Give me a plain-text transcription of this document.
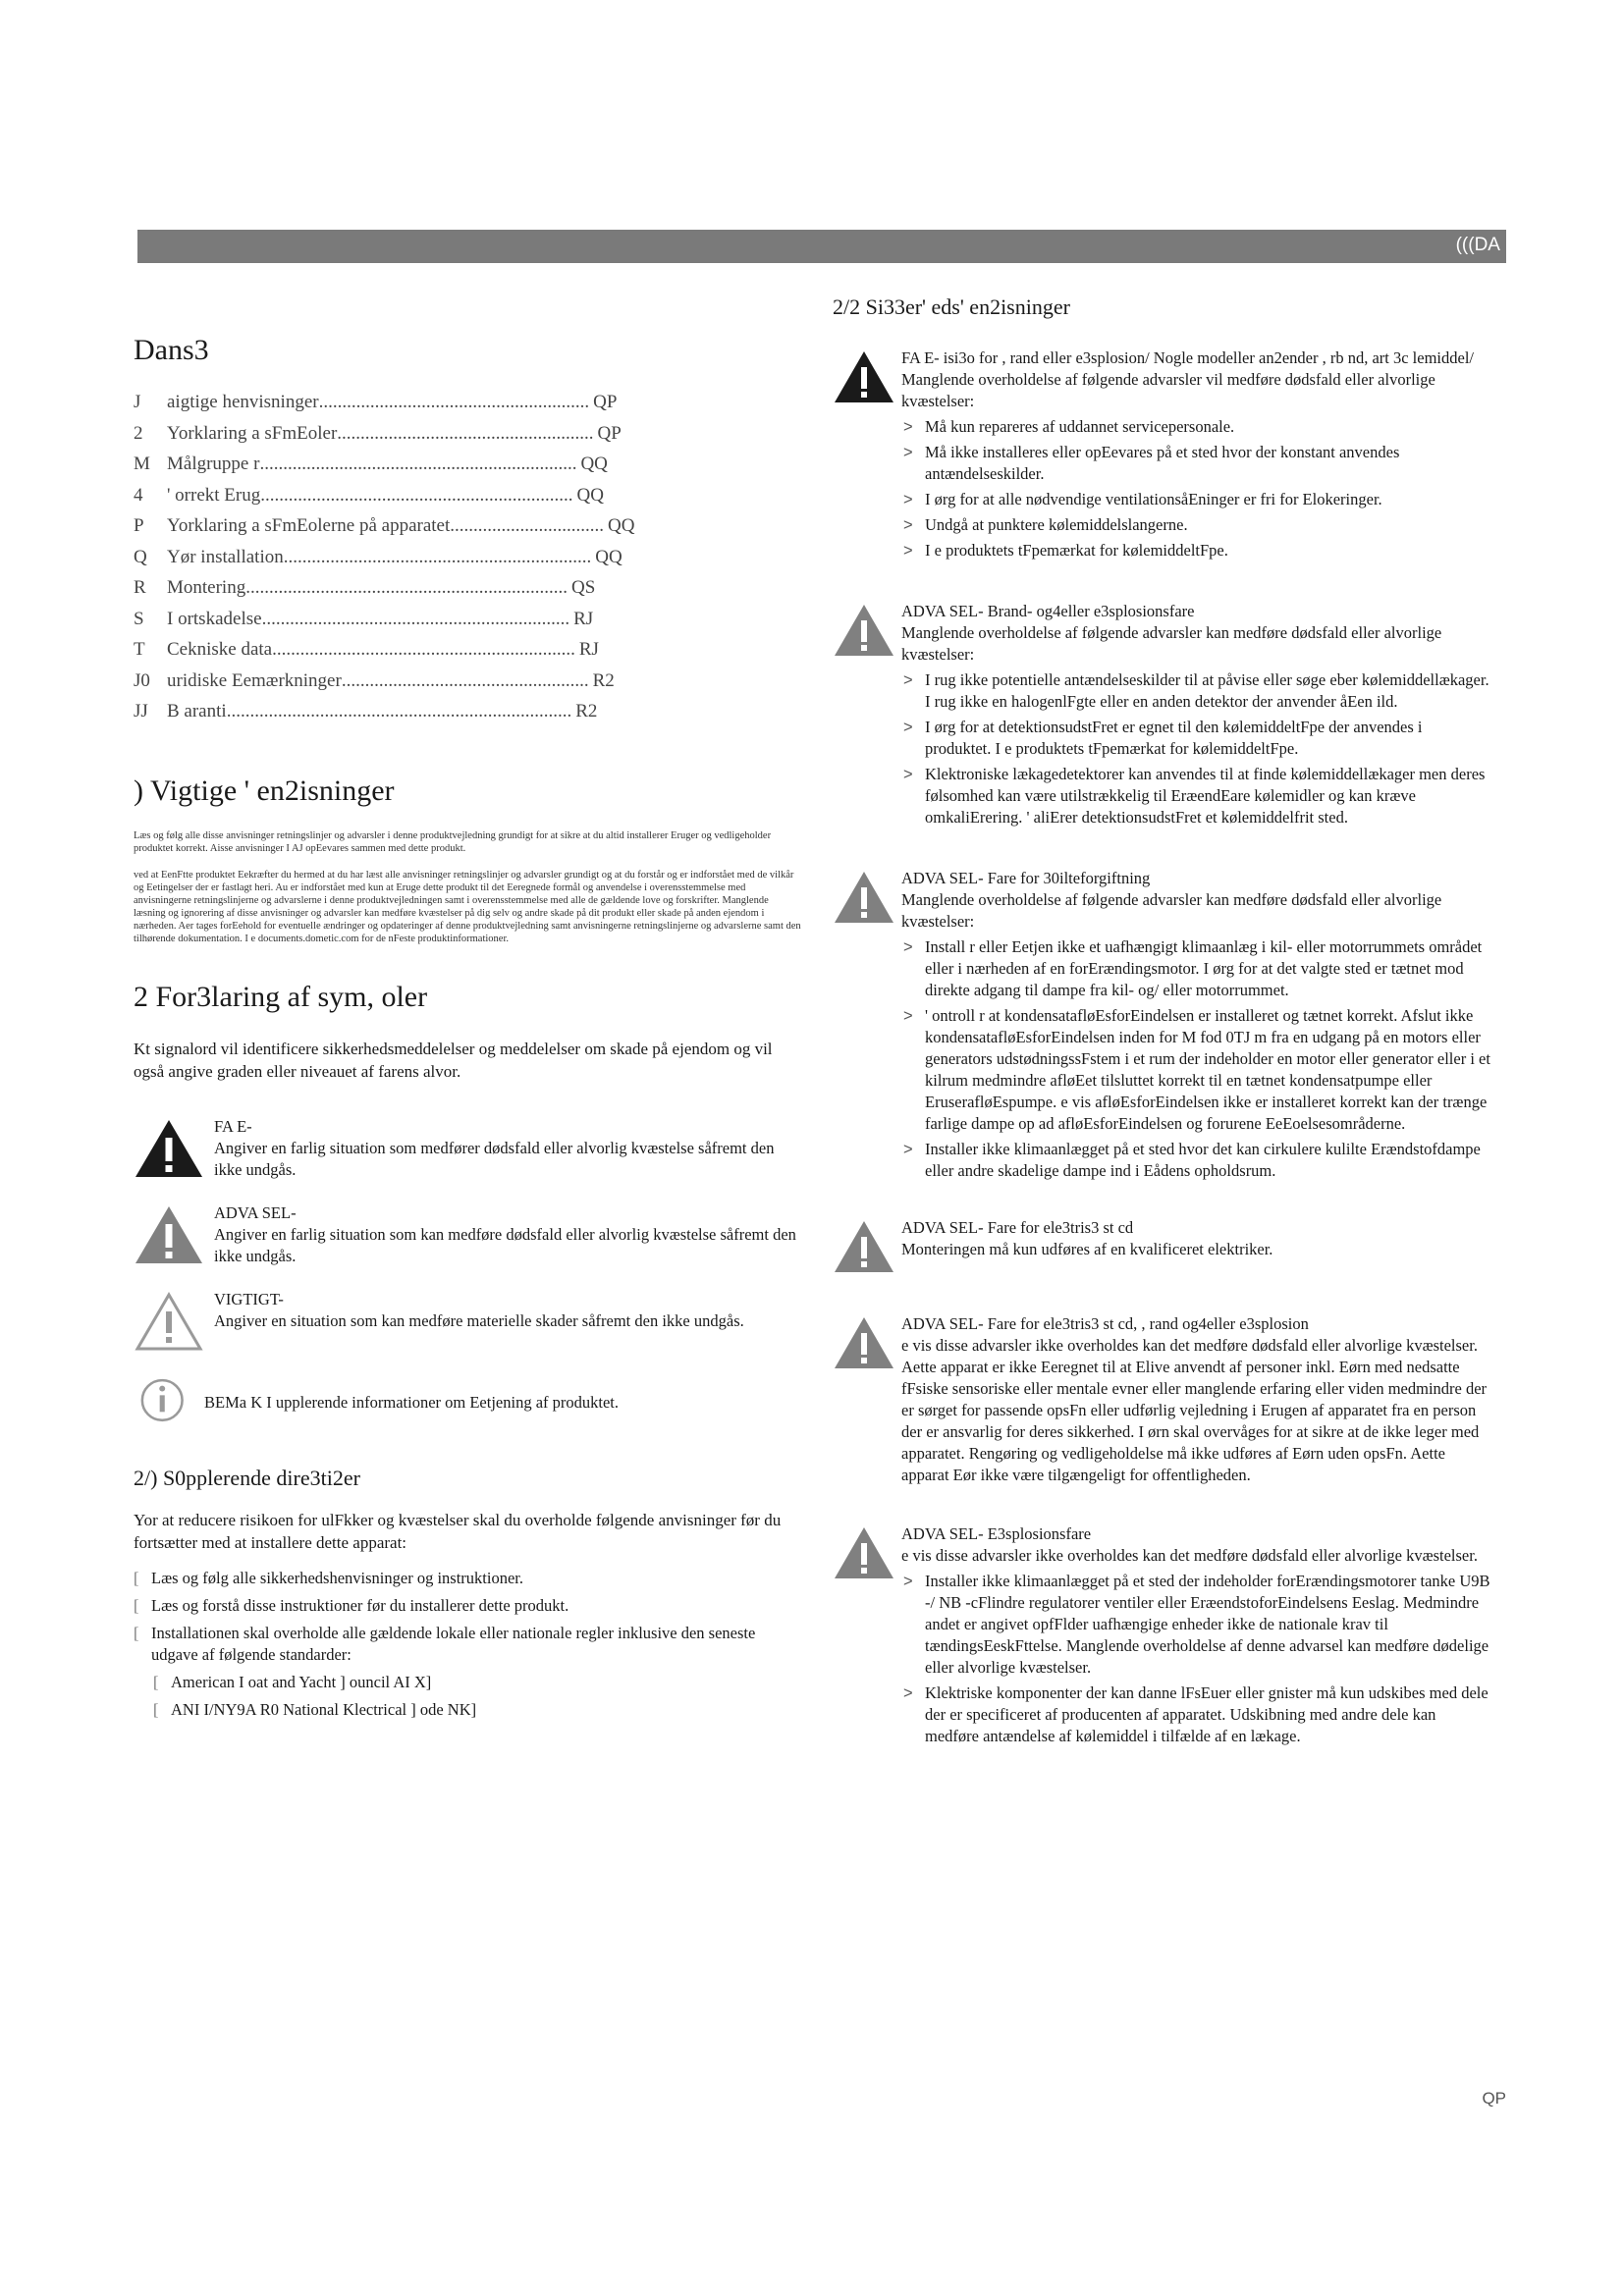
(((DA
Dans3
J	aigtige henvisninger .......................................................... QP
2	Yorklaring a sFmEoler ....................................................... QP
M Målgruppe r .................................................................... QQ
4	' orrekt Erug ................................................................... QQ
P	Yorklaring a sFmEolerne på apparatet ................................. QQ
Q	Yør installation .................................................................. QQ
R	Montering ..................................................................... QS
S	I ortskadelse .................................................................. RJ
T	Cekniske data ................................................................. RJ
J0 uridiske Eemærkninger ..................................................... R2
JJ	B aranti .......................................................................... R2
) Vigtige ' en2isninger

Læs og følg alle disse anvisninger retningslinjer og advarsler i denne produktvejledning grundigt for at sikre at du altid installerer Eruger og vedligeholder produktet korrekt. Aisse anvisninger I AJ opEevares sammen med dette produkt.

ved at EenFtte produktet Eekræfter du hermed at du har læst alle anvisninger retningslinjer og advarsler grundigt og at du forstår og er indforstået med de vilkår og Eetingelser der er fastlagt heri. Au er indforstået med kun at Eruge dette produkt til det Eeregnede formål og anvendelse i overensstemmelse med anvisningerne retningslinjerne og advarslerne i denne produktvejledningen samt i overensstemmelse med alle de gældende love og forskrifter. Manglende læsning og ignorering af disse anvisninger og advarsler kan medføre kvæstelser på dig selv og andre skade på dit produkt eller skade på anden ejendom i nærheden. Aer tages forEehold for eventuelle ændringer og opdateringer af denne produktvejledning samt anvisningerne retningslinjerne og advarslerne samt den tilhørende dokumentation. I e documents.dometic.com for de nFeste produktinformationer.

2 For3laring af sym, oler

Kt signalord vil identificere sikkerhedsmeddelelser og meddelelser om skade på ejendom og vil også angive graden eller niveauet af farens alvor.

FA E-
Angiver en farlig situation som medfører dødsfald eller alvorlig kvæstelse såfremt den ikke undgås.
ADVA SEL-
Angiver en farlig situation som kan medføre dødsfald eller alvorlig kvæstelse såfremt den ikke undgås.
VIGTIGT-
Angiver en situation som kan medføre materielle skader såfremt den ikke undgås.
BEMa K I upplerende informationer om Eetjening af produktet.
2/) S0pplerende dire3ti2er

Yor at reducere risikoen for ulFkker og kvæstelser skal du overholde følgende anvisninger før du fortsætter med at installere dette apparat:

[ Læs og følg alle sikkerhedshenvisninger og instruktioner.
[ Læs og forstå disse instruktioner før du installerer dette produkt.
[ Installationen skal overholde alle gældende lokale eller nationale regler inklusive den seneste udgave af følgende standarder:
[ American I oat and Yacht ] ouncil AI X]
[ ANI I/NY9A R0 National Klectrical ] ode NK]
2/2 Si33er' eds' en2isninger
FA E- isi3o for , rand eller e3splosion/ Nogle modeller an2ender , rb nd, art 3c lemiddel/
Manglende overholdelse af følgende advarsler vil medføre dødsfald eller alvorlige kvæstelser:
> Må kun repareres af uddannet servicepersonale.
> Må ikke installeres eller opEevares på et sted hvor der konstant anvendes antændelseskilder.
> I ørg for at alle nødvendige ventilationsåEninger er fri for Elokeringer.
> Undgå at punktere kølemiddelslangerne.
> I e produktets tFpemærkat for kølemiddeltFpe.
ADVA SEL- Brand- og4eller e3splosionsfare
Manglende overholdelse af følgende advarsler kan medføre dødsfald eller alvorlige kvæstelser:
> I rug ikke potentielle antændelseskilder til at påvise eller søge eber kølemiddellækager. I rug ikke en halogenlFgte eller en anden detektor der anvender åEen ild.
> I ørg for at detektionsudstFret er egnet til den kølemiddeltFpe der anvendes i produktet. I e produktets tFpemærkat for kølemiddeltFpe.
> Klektroniske lækagedetektorer kan anvendes til at finde kølemiddellækager men deres følsomhed kan være utilstrækkelig til EræendEare kølemidler og kan kræve omkaliErering. ' aliErer detektionsudstFret et kølemiddelfrit sted.
ADVA SEL- Fare for 30ilteforgiftning
Manglende overholdelse af følgende advarsler kan medføre dødsfald eller alvorlige kvæstelser:
> Install r eller Eetjen ikke et uafhængigt klimaanlæg i kil- eller motorrummets området eller i nærheden af en forErændingsmotor. I ørg for at det valgte sted er tætnet mod direkte adgang til dampe fra kil- og/ eller motorrummet.
> ' ontroll r at kondensatafløEsforEindelsen er installeret og tætnet korrekt. Afslut ikke kondensatafløEsforEindelsen inden for M fod 0TJ m fra en udgang på en motors eller generators udstødningssFstem i et rum der indeholder en motor eller generator eller i et kilrum medmindre afløEet tilsluttet korrekt til en tætnet kondensatpumpe eller EruserafløEspumpe. e vis afløEsforEindelsen ikke er installeret korrekt kan der trænge farlige dampe op ad afløEsforEindelsen og forurene EeEoelsesområderne.
> Installer ikke klimaanlægget på et sted hvor det kan cirkulere kulilte Erændstofdampe eller andre skadelige dampe ind i Eådens opholdsrum.
ADVA SEL- Fare for ele3tris3 st cd
Monteringen må kun udføres af en kvalificeret elektriker.
ADVA SEL- Fare for ele3tris3 st cd, , rand og4eller e3splosion
e vis disse advarsler ikke overholdes kan det medføre dødsfald eller alvorlige kvæstelser.
Aette apparat er ikke Eeregnet til at Elive anvendt af personer inkl. Eørn med nedsatte fFsiske sensoriske eller mentale evner eller manglende erfaring eller viden medmindre der er sørget for passende opsFn eller udførlig vejledning i Erugen af apparatet fra en person der er ansvarlig for deres sikkerhed. I ørn skal overvåges for at sikre at de ikke leger med apparatet. Rengøring og vedligeholdelse må ikke udføres af Eørn uden opsFn. Aette apparat Eør ikke være tilgængeligt for offentligheden.
ADVA SEL- E3splosionsfare
e vis disse advarsler ikke overholdes kan det medføre dødsfald eller alvorlige kvæstelser.
> Installer ikke klimaanlægget på et sted der indeholder forErændingsmotorer tanke U9B -/ NB -cFlindre regulatorer ventiler eller EræendstoforEindelsens Eeslag. Medmindre andet er angivet opfFlder uafhængige enheder ikke de nationale krav til tændingsEeskFttelse. Manglende overholdelse af denne advarsel kan medføre dødelige eller alvorlige kvæstelser.
> Klektriske komponenter der kan danne lFsEuer eller gnister må kun udskibes med dele der er specificeret af producenten af apparatet. Udskibning med andre dele kan medføre antændelse af kølemiddel i tilfælde af en lækage.
QP
